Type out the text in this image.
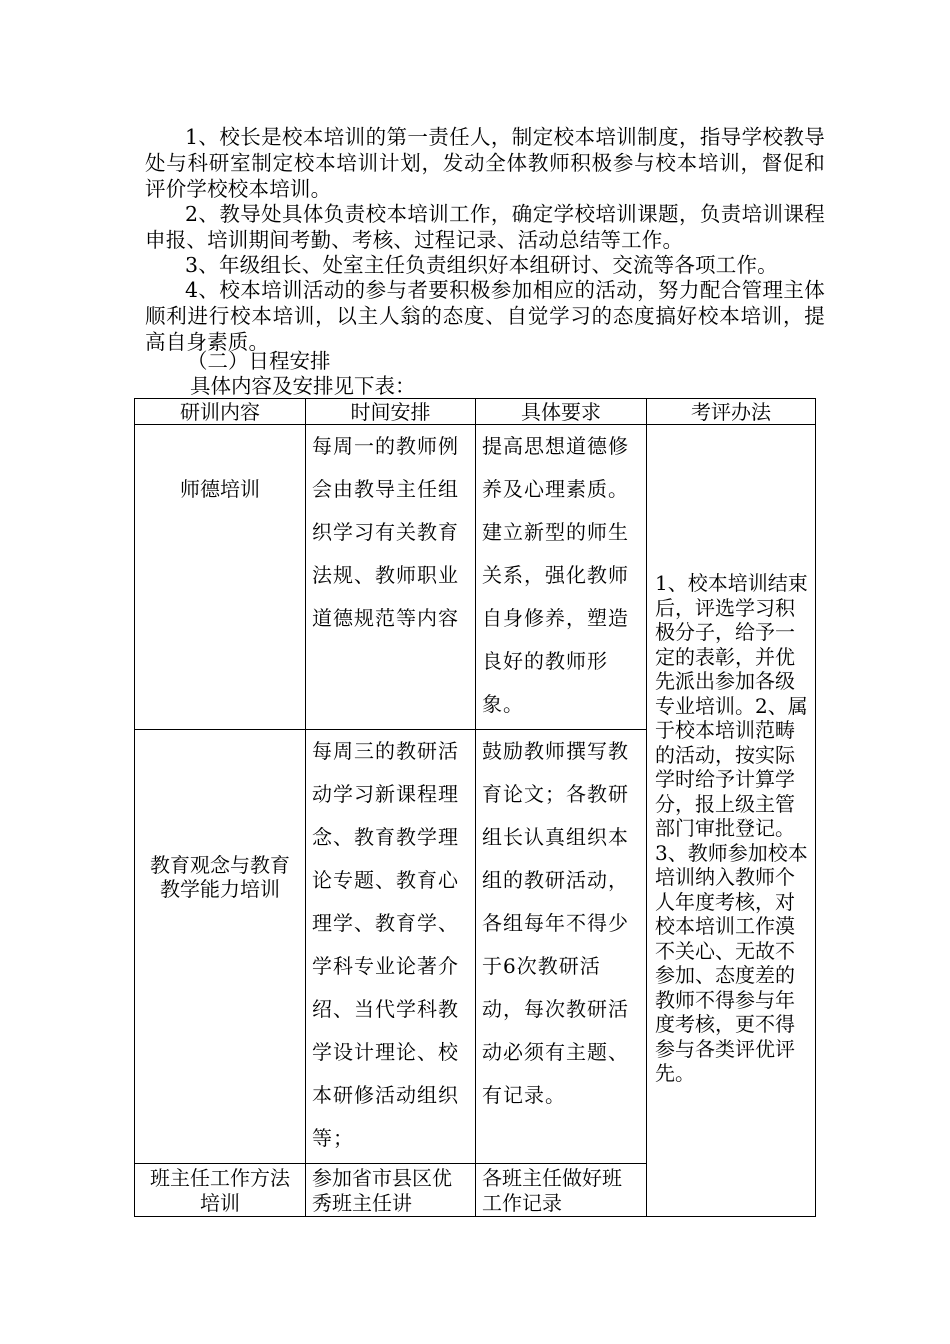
1、校长是校本培训的第一责任人，制定校本培训制度，指导学校教导处与科研室制定校本培训计划，发动全体教师积极参与校本培训，督促和评价学校校本培训。

2、教导处具体负责校本培训工作，确定学校培训课题，负责培训课程申报、培训期间考勤、考核、过程记录、活动总结等工作。

3、年级组长、处室主任负责组织好本组研讨、交流等各项工作。

4、校本培训活动的参与者要积极参加相应的活动，努力配合管理主体顺利进行校本培训，以主人翁的态度、自觉学习的态度搞好校本培训，提高自身素质。

（二）日程安排

具体内容及安排见下表：

研训内容	时间安排	具体要求	考评办法
师德培训	每周一的教师例会由教导主任组织学习有关教育法规、教师职业道德规范等内容	提高思想道德修养及心理素质。建立新型的师生关系，强化教师自身修养，塑造良好的教师形象。	1、校本培训结束后，评选学习积极分子，给予一定的表彰，并优先派出参加各级专业培训。2、属于校本培训范畴的活动，按实际学时给予计算学分，报上级主管部门审批登记。3、教师参加校本培训纳入教师个人年度考核，对校本培训工作漠不关心、无故不参加、态度差的教师不得参与年度考核，更不得参与各类评优评先。
教育观念与教育教学能力培训	每周三的教研活动学习新课程理念、教育教学理论专题、教育心理学、教育学、学科专业论著介绍、当代学科教学设计理论、校本研修活动组织等；	鼓励教师撰写教育论文；各教研组长认真组织本组的教研活动，各组每年不得少于6次教研活动，每次教研活动必须有主题、有记录。	
班主任工作方法培训	参加省市县区优秀班主任讲	各班主任做好班工作记录	
